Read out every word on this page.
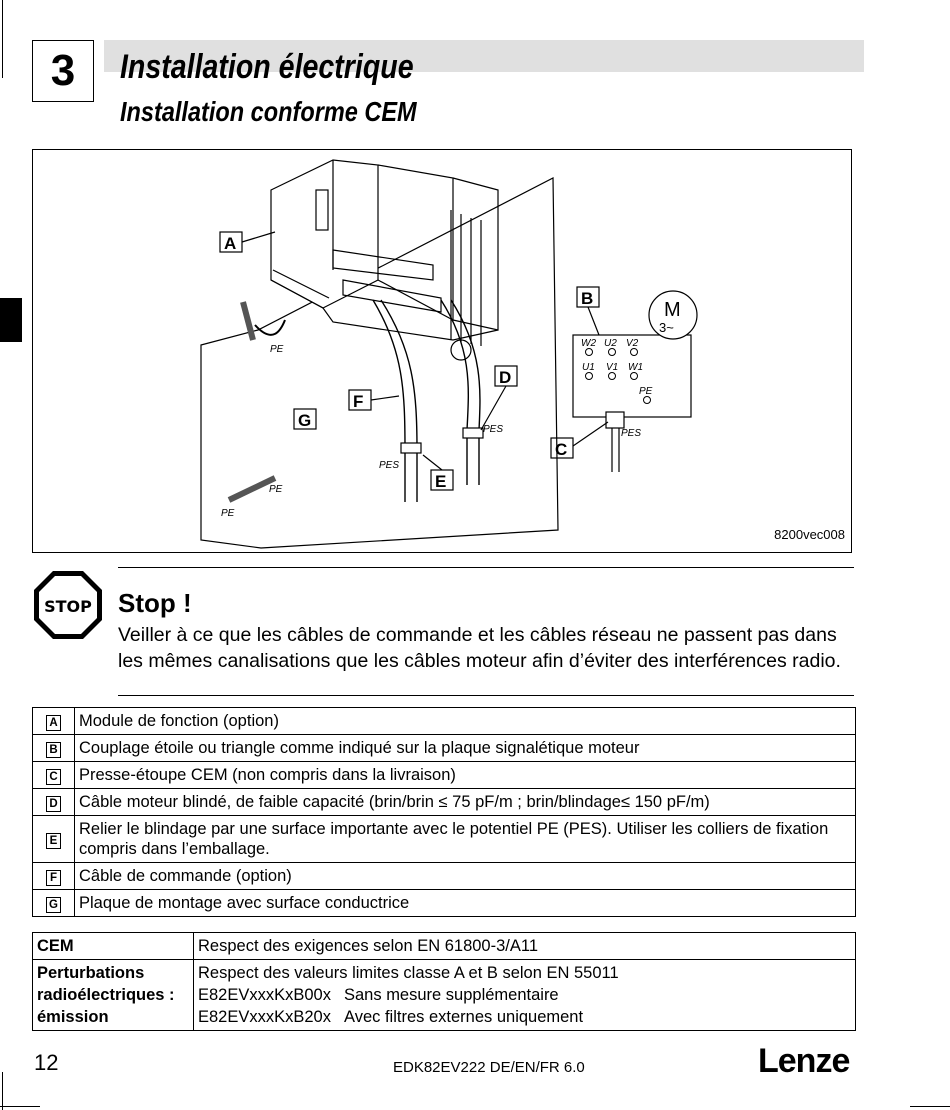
3	Installation électrique
Installation conforme CEM
A
B
C
D
E
F
G
PE
PE
PE
PES
PES	PES
PE
M
3~
W2 U2 V2
U1 V1 W1
8200vec008
STOP Stop !
Veiller à ce que les câbles de commande et les câbles réseau ne passent pas dans les mêmes canalisations que les câbles moteur afin d’éviter des interférences radio.
A	Module de fonction (option)
B	Couplage étoile ou triangle comme indiqué sur la plaque signalétique moteur
C	Presse-étoupe CEM (non compris dans la livraison)
D	Câble moteur blindé, de faible capacité (brin/brin ≤ 75 pF/m ; brin/blindage≤ 150 pF/m)
E	Relier le blindage par une surface importante avec le potentiel PE (PES). Utiliser les colliers de fixation compris dans l’emballage.
F	Câble de commande (option)
G	Plaque de montage avec surface conductrice
CEM	Respect des exigences selon EN 61800-3/A11
Perturbations radioélectriques : émission	Respect des valeurs limites classe A et B selon EN 55011
E82EVxxxKxB00x Sans mesure supplémentaire
E82EVxxxKxB20x Avec filtres externes uniquement
12	EDK82EV222 DE/EN/FR 6.0	Lenze
